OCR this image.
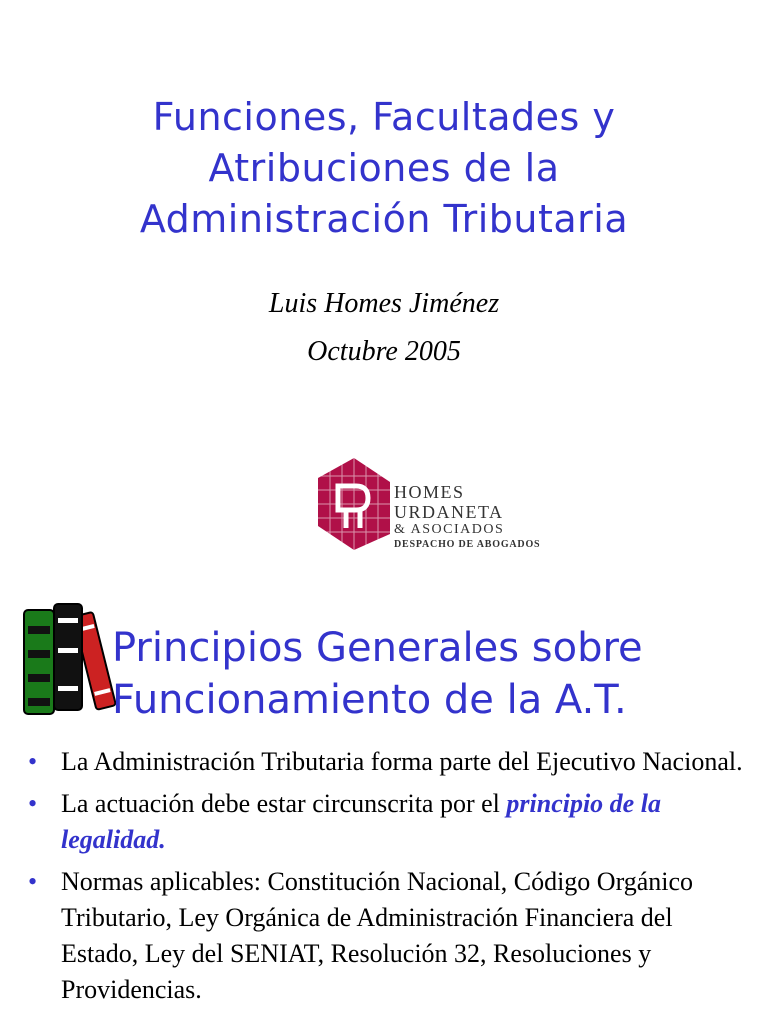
Funciones, Facultades y
Atribuciones de la
Administración Tributaria
Luis Homes Jiménez
Octubre 2005
HOMES
URDANETA
& ASOCIADOS
DESPACHO DE ABOGADOS
Principios Generales sobre
Funcionamiento de la A.T.
• La Administración Tributaria forma parte del Ejecutivo Nacional.
• La actuación debe estar circunscrita por el principio de la legalidad.
• Normas aplicables: Constitución Nacional, Código Orgánico Tributario, Ley Orgánica de Administración Financiera del Estado, Ley del SENIAT, Resolución 32, Resoluciones y Providencias.
